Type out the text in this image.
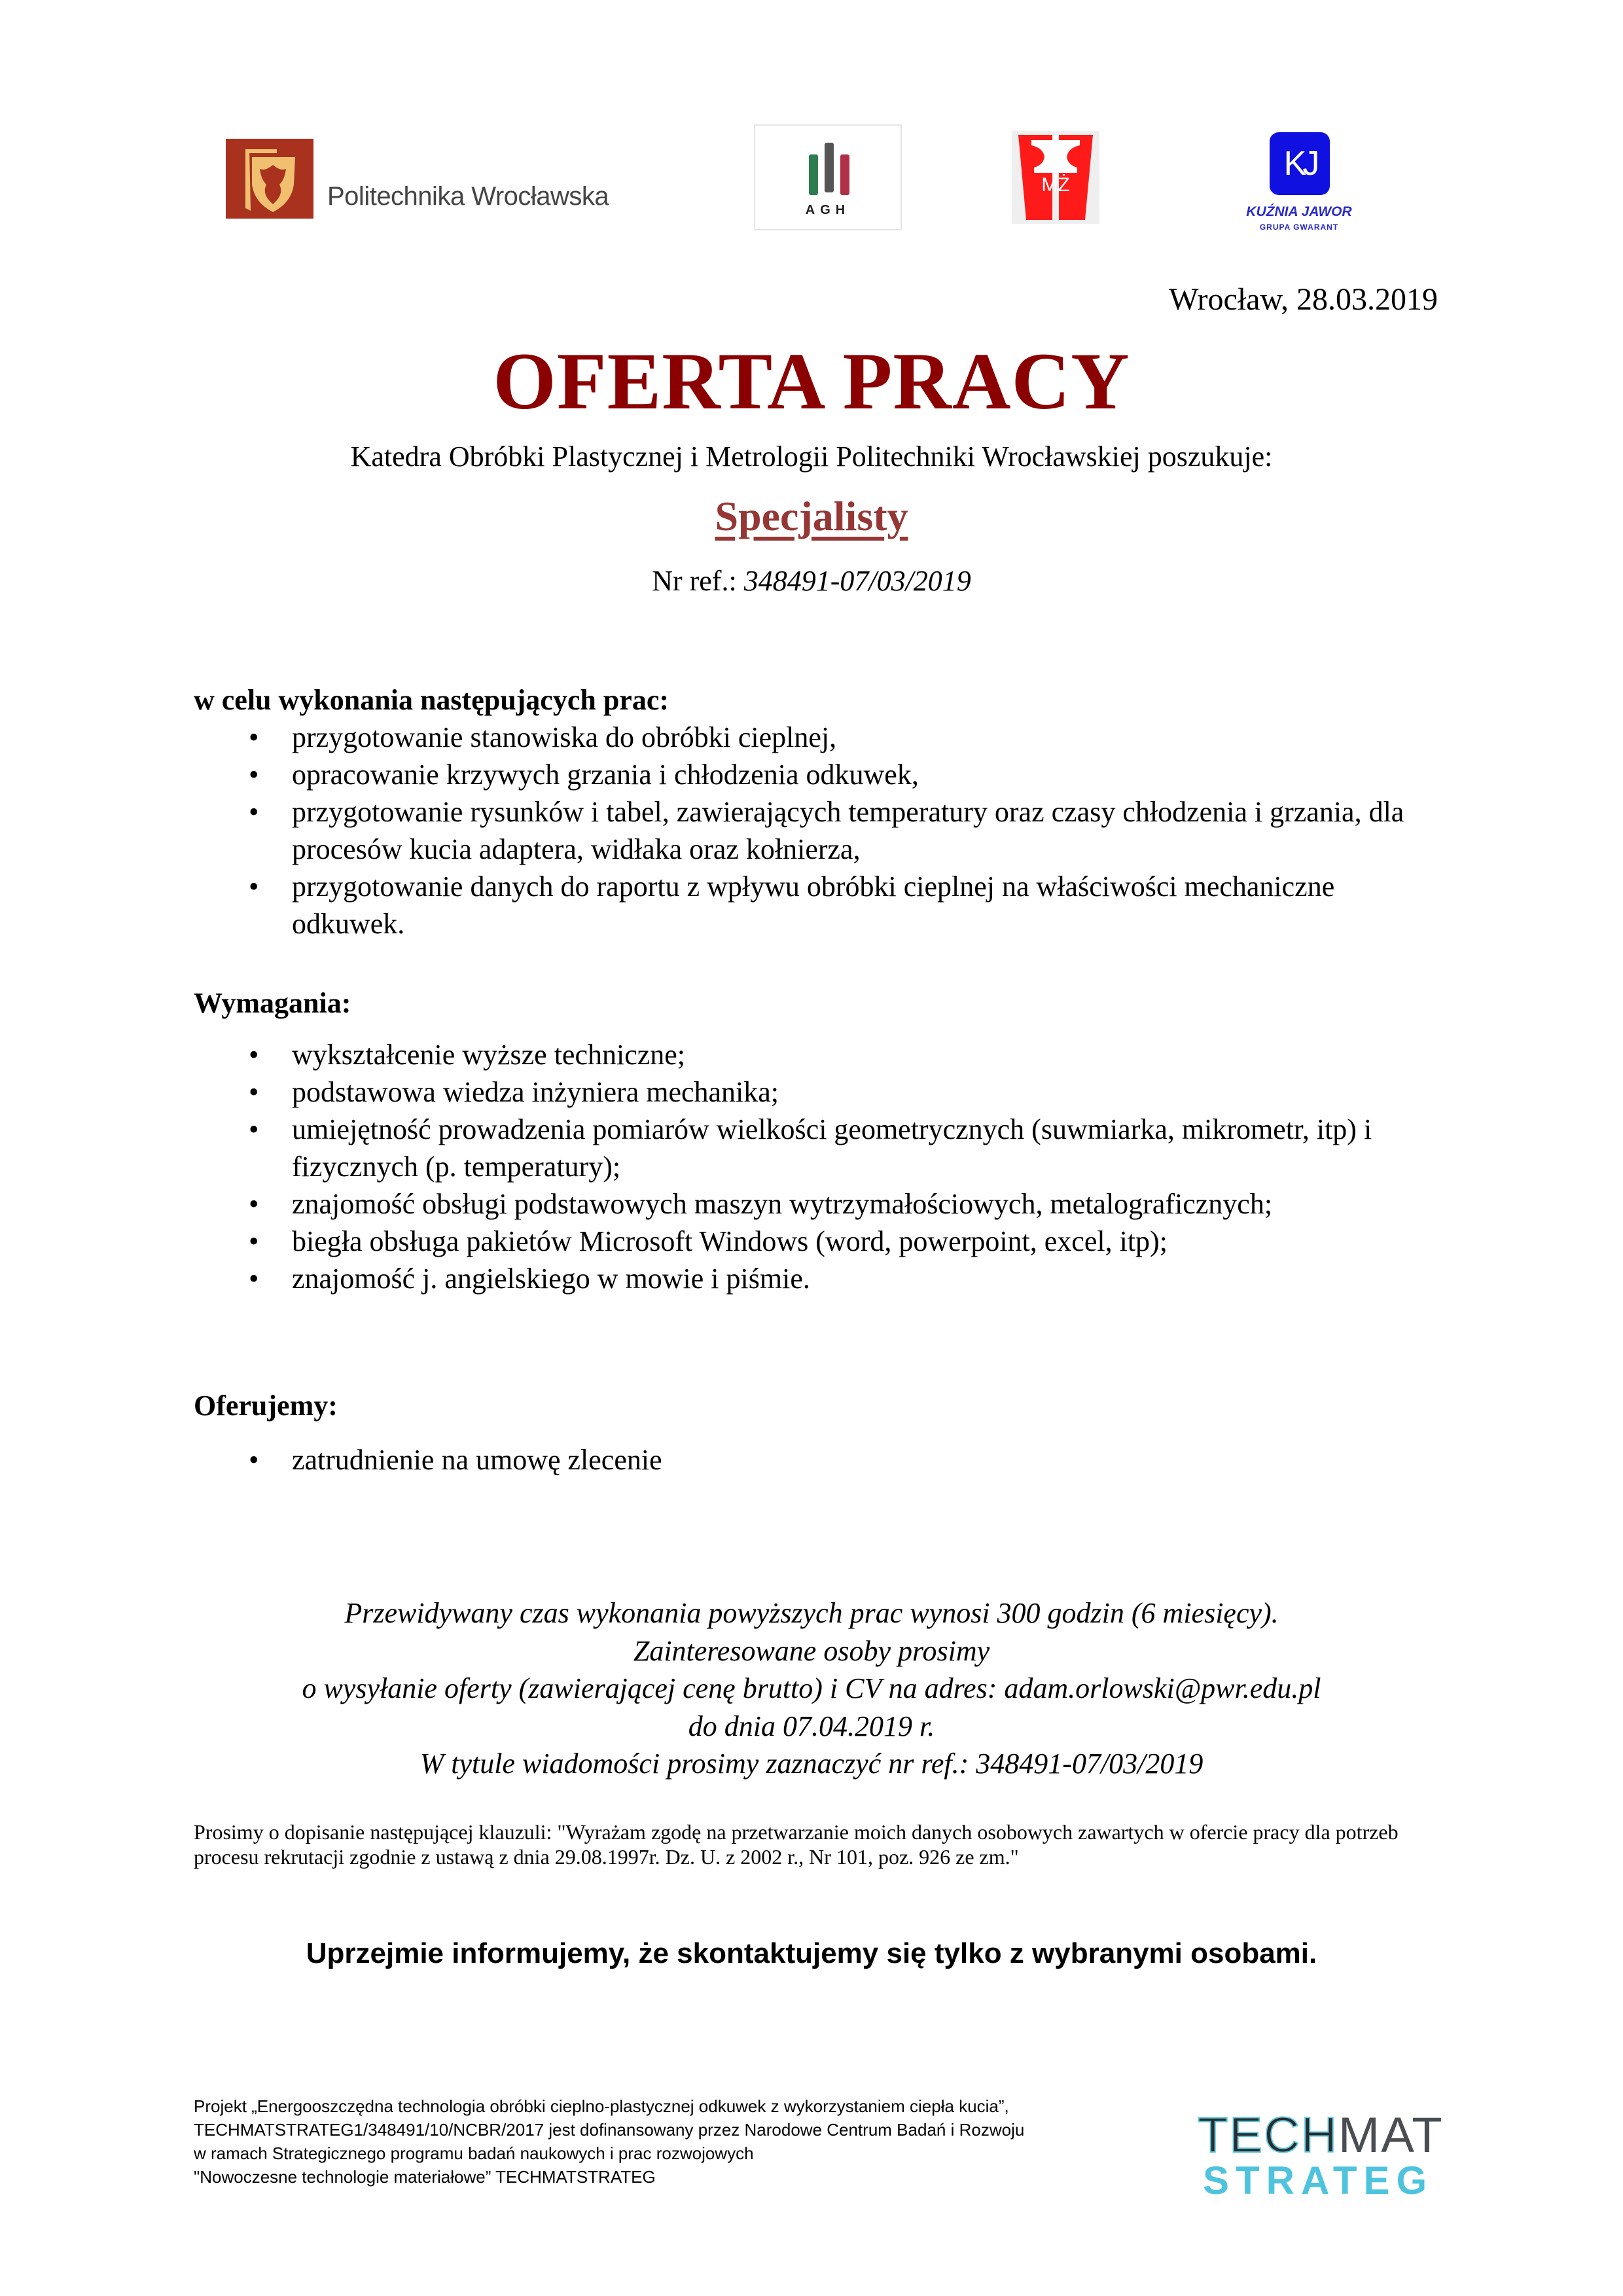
Politechnika Wrocławska	AGH
MŻ
KJ
KUŹNIA JAWOR
GRUPA GWARANT
Wrocław, 28.03.2019
OFERTA PRACY
Katedra Obróbki Plastycznej i Metrologii Politechniki Wrocławskiej poszukuje:
Specjalisty
Nr ref.: 348491-07/03/2019
w celu wykonania następujących prac:
• przygotowanie stanowiska do obróbki cieplnej,
• opracowanie krzywych grzania i chłodzenia odkuwek,
• przygotowanie rysunków i tabel, zawierających temperatury oraz czasy chłodzenia i grzania, dla procesów kucia adaptera, widłaka oraz kołnierza,
• przygotowanie danych do raportu z wpływu obróbki cieplnej na właściwości mechaniczne odkuwek.
Wymagania:
• wykształcenie wyższe techniczne;
• podstawowa wiedza inżyniera mechanika;
• umiejętność prowadzenia pomiarów wielkości geometrycznych (suwmiarka, mikrometr, itp) i fizycznych (p. temperatury);
• znajomość obsługi podstawowych maszyn wytrzymałościowych, metalograficznych;
• biegła obsługa pakietów Microsoft Windows (word, powerpoint, excel, itp);
• znajomość j. angielskiego w mowie i piśmie.
Oferujemy:
• zatrudnienie na umowę zlecenie
Przewidywany czas wykonania powyższych prac wynosi 300 godzin (6 miesięcy).
Zainteresowane osoby prosimy
o wysyłanie oferty (zawierającej cenę brutto) i CV na adres: adam.orlowski@pwr.edu.pl
do dnia 07.04.2019 r.
W tytule wiadomości prosimy zaznaczyć nr ref.: 348491-07/03/2019
Prosimy o dopisanie następującej klauzuli: "Wyrażam zgodę na przetwarzanie moich danych osobowych zawartych w ofercie pracy dla potrzeb procesu rekrutacji zgodnie z ustawą z dnia 29.08.1997r. Dz. U. z 2002 r., Nr 101, poz. 926 ze zm."
Uprzejmie informujemy, że skontaktujemy się tylko z wybranymi osobami.
Projekt „Energooszczędna technologia obróbki cieplno-plastycznej odkuwek z wykorzystaniem ciepła kucia”,
TECHMATSTRATEG1/348491/10/NCBR/2017 jest dofinansowany przez Narodowe Centrum Badań i Rozwoju
w ramach Strategicznego programu badań naukowych i prac rozwojowych
"Nowoczesne technologie materiałowe” TECHMATSTRATEG
TECHMAT
STRATEG
